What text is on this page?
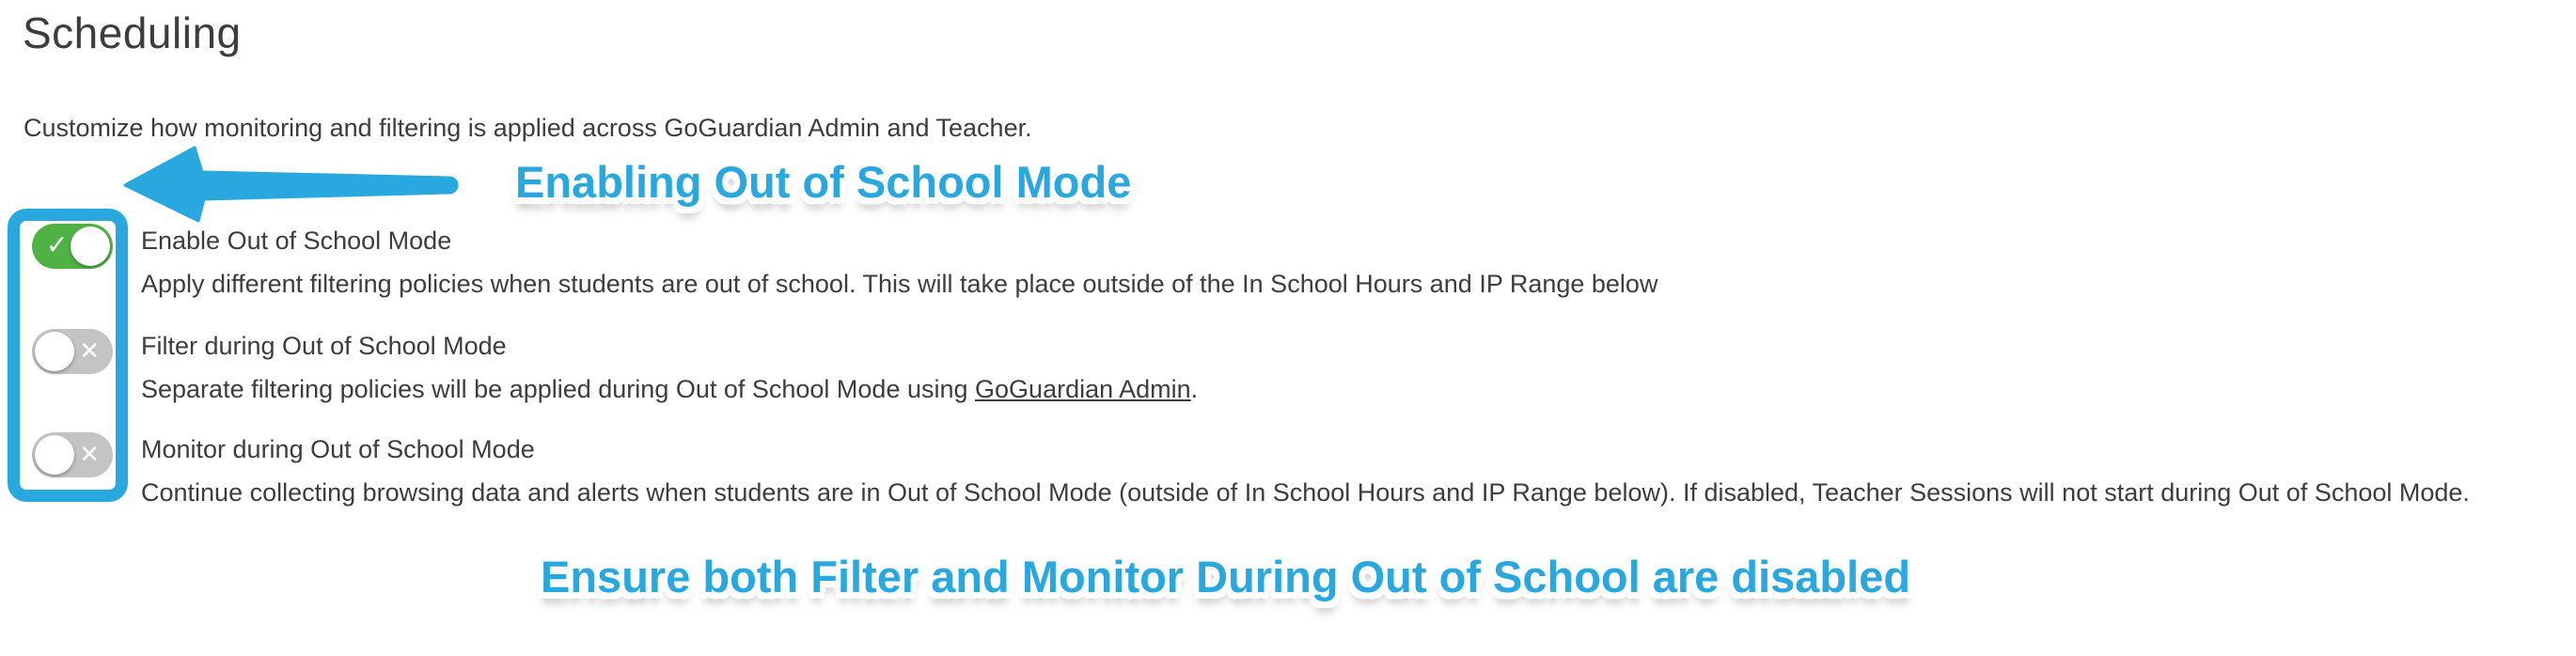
Scheduling
Customize how monitoring and filtering is applied across GoGuardian Admin and Teacher.
Enabling Out of School Mode
✓
✕
✕
Enable Out of School Mode
Apply different filtering policies when students are out of school. This will take place outside of the In School Hours and IP Range below
Filter during Out of School Mode
Separate filtering policies will be applied during Out of School Mode using GoGuardian Admin.
Monitor during Out of School Mode
Continue collecting browsing data and alerts when students are in Out of School Mode (outside of In School Hours and IP Range below). If disabled, Teacher Sessions will not start during Out of School Mode.
Ensure both Filter and Monitor During Out of School are disabled
